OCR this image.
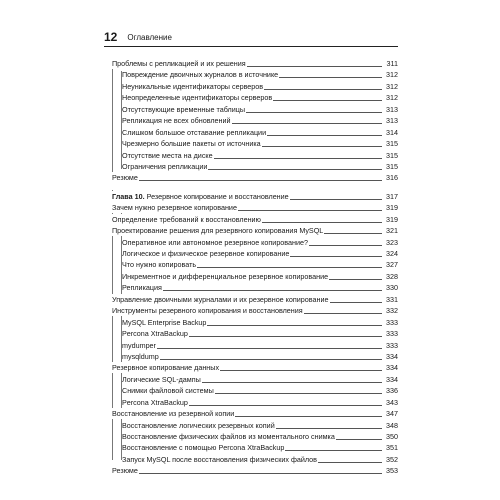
12 Оглавление
Проблемы с репликацией и их решения	311
Повреждение двоичных журналов в источнике	312
Неуникальные идентификаторы серверов	312
Неопределенные идентификаторы серверов	312
Отсутствующие временные таблицы	313
Репликация не всех обновлений	313
Слишком большое отставание репликации	314
Чрезмерно большие пакеты от источника	315
Отсутствие места на диске	315
Ограничения репликации	315
Резюме	316
Глава 10. Резервное копирование и восстановление	317
Зачем нужно резервное копирование	319
Определение требований к восстановлению	319
Проектирование решения для резервного копирования MySQL	321
Оперативное или автономное резервное копирование?	323
Логическое и физическое резервное копирование	324
Что нужно копировать	327
Инкрементное и дифференциальное резервное копирование	328
Репликация	330
Управление двоичными журналами и их резервное копирование	331
Инструменты резервного копирования и восстановления	332
MySQL Enterprise Backup	333
Percona XtraBackup	333
mydumper	333
mysqldump	334
Резервное копирование данных	334
Логические SQL-дампы	334
Снимки файловой системы	336
Percona XtraBackup	343
Восстановление из резервной копии	347
Восстановление логических резервных копий	348
Восстановление физических файлов из моментального снимка	350
Восстановление с помощью Percona XtraBackup	351
Запуск MySQL после восстановления физических файлов	352
Резюме	353
